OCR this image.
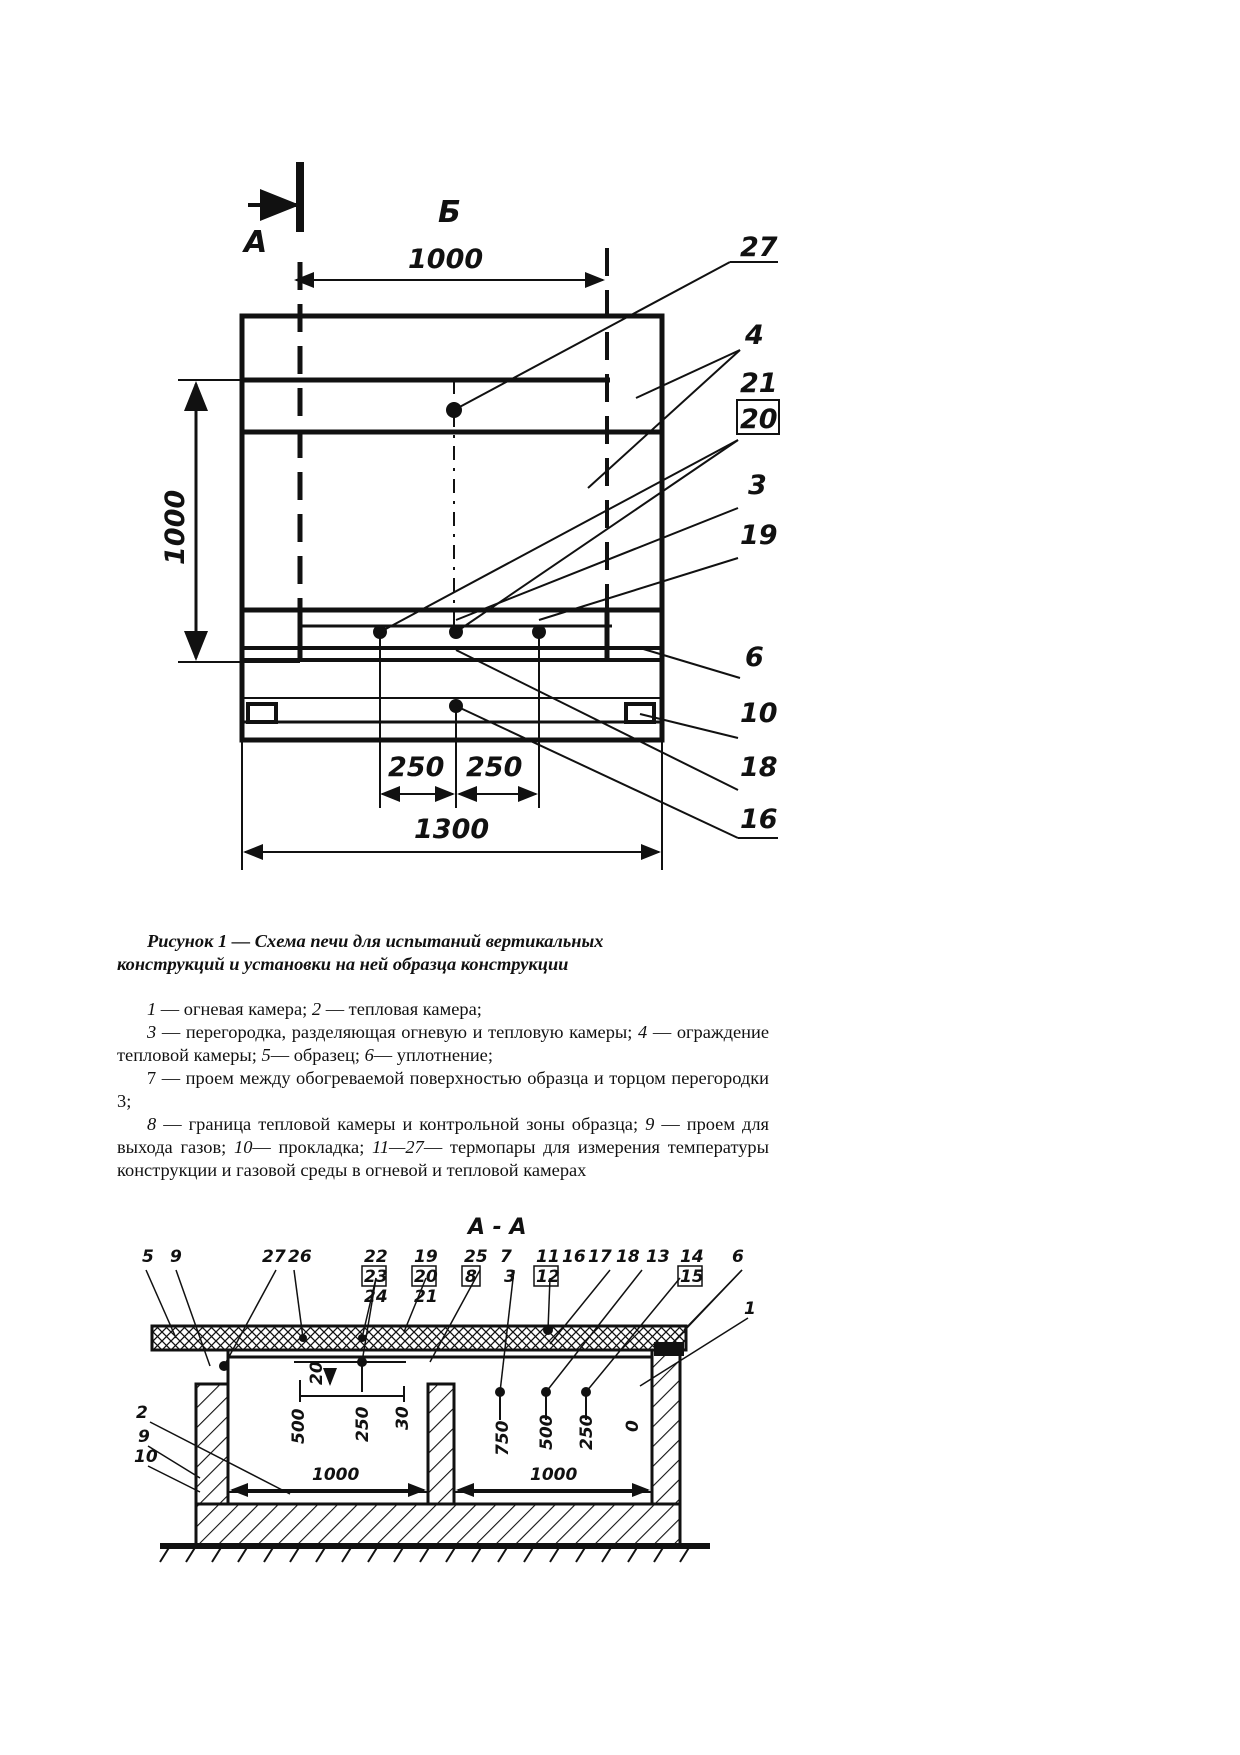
А
Б
1000
1000
250 250
1300
27
4
21
20
3
19
6
10
18
16

Рисунок 1 — Схема печи для испытаний вертикальных
конструкций и установки на ней образца конструкции

1 — огневая камера; 2 — тепловая камера;

3 — перегородка, разделяющая огневую и тепловую камеры; 4 — ограждение тепловой камеры; 5— образец; 6— уплотнение;

7 — проем между обогреваемой поверхностью образца и торцом перегородки 3;

8 — граница тепловой камеры и контрольной зоны образца; 9 — проем для выхода газов; 10— прокладка; 11—27— термопары для измерения температуры конструкции и газовой среды в огневой и тепловой камерах

А - А
20
500	250 30
1000
750 500 250 0
1000
5 9	27 26	22
23
24
19
20
21
25
8
7
3
11
12
16 17 18 13 14
15
6
1
2
9
10
